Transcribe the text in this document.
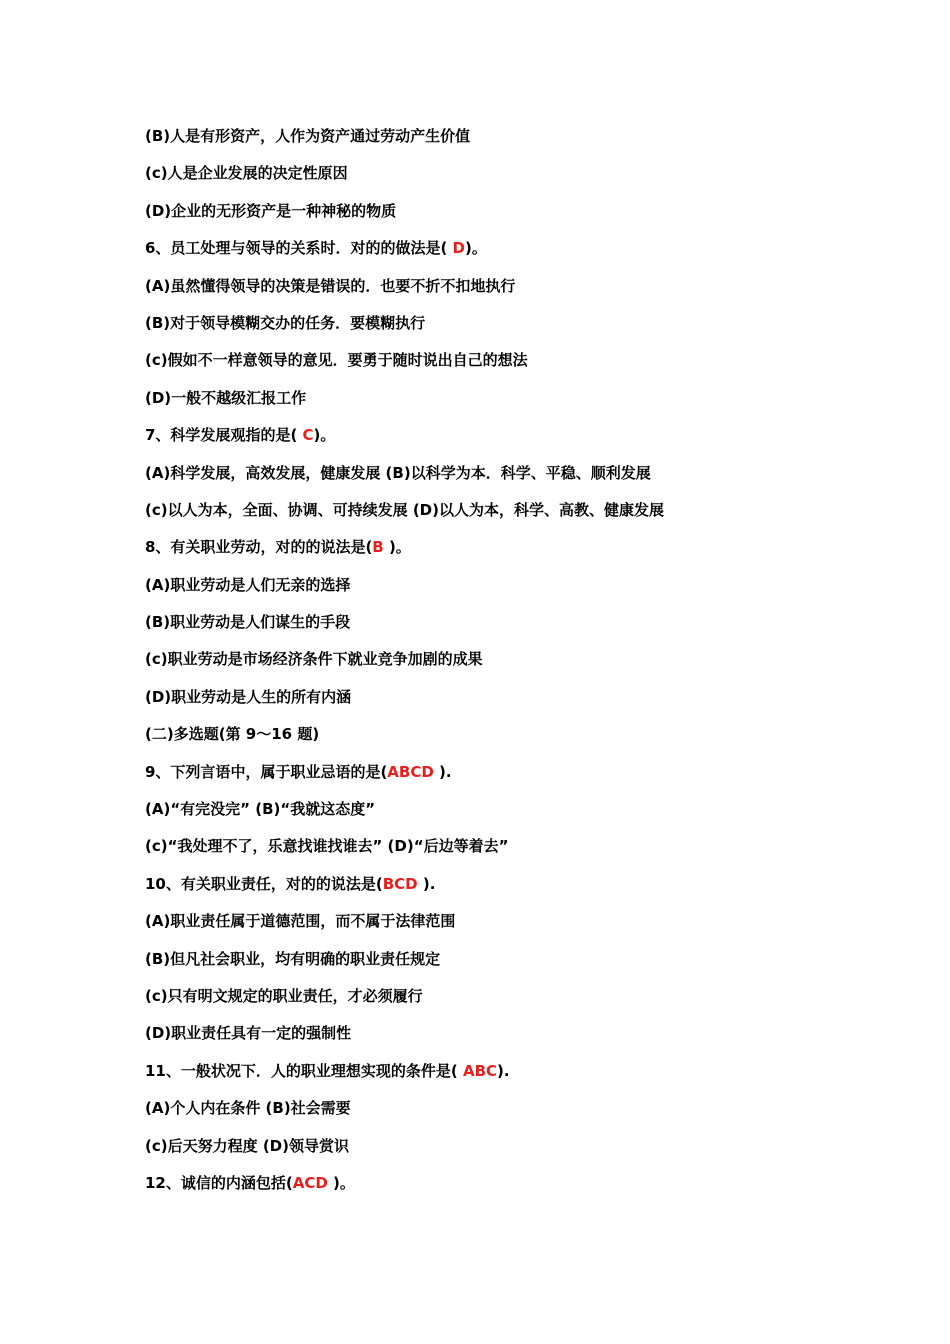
(B)人是有形资产，人作为资产通过劳动产生价值
(c)人是企业发展的决定性原因
(D)企业的无形资产是一种神秘的物质
6、员工处理与领导的关系时．对的的做法是( D)。
(A)虽然懂得领导的决策是错误的．也要不折不扣地执行
(B)对于领导模糊交办的任务．要模糊执行
(c)假如不一样意领导的意见．要勇于随时说出自己的想法
(D)一般不越级汇报工作
7、科学发展观指的是( C)。
(A)科学发展，高效发展，健康发展 (B)以科学为本．科学、平稳、顺利发展
(c)以人为本，全面、协调、可持续发展 (D)以人为本，科学、高教、健康发展
8、有关职业劳动，对的的说法是(B )。
(A)职业劳动是人们无亲的选择
(B)职业劳动是人们谋生的手段
(c)职业劳动是市场经济条件下就业竞争加剧的成果
(D)职业劳动是人生的所有内涵
(二)多选题(第 9～16 题)
9、下列言语中，属于职业忌语的是(ABCD ).
(A)“有完没完” (B)“我就这态度”
(c)“我处理不了，乐意找谁找谁去” (D)“后边等着去”
10、有关职业责任，对的的说法是(BCD ).
(A)职业责任属于道德范围，而不属于法律范围
(B)但凡社会职业，均有明确的职业责任规定
(c)只有明文规定的职业责任，才必须履行
(D)职业责任具有一定的强制性
11、一般状况下．人的职业理想实现的条件是( ABC).
(A)个人内在条件 (B)社会需要
(c)后天努力程度 (D)领导赏识
12、诚信的内涵包括(ACD )。
